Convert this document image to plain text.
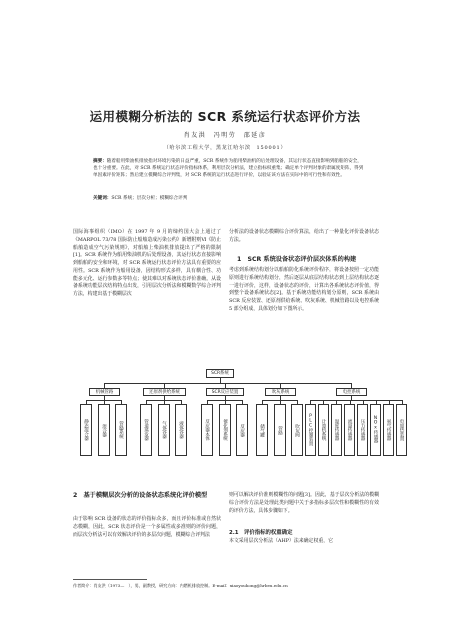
运用模糊分析法的 SCR 系统运行状态评价方法
肖友洪　冯明劳　邵延彦
（哈尔滨工程大学，黑龙江哈尔滨　150001）
摘要：随着船用柴油机排放指对环境污染的日益严重，SCR 系统作为船用柴油机的后处理设备，其运行状态直接影响到船舶的安全，也十分重要。在此，对 SCR 系统运行状态评价指标体系，利用层次分析法，建立指标权重集；确定单个评判对象的隶属度矩阵，得到单因素评价矩阵；然后建立模糊综合评判集，对 SCR 系统的运行状态进行评价，以验证该方法在实际中的可行性和有效性。
关键词：SCR 系统；层次分析；模糊综合评判
国际海事组织（IMO）在 1997 年 9 月的缔约国大会上通过了《MARPOL 73/78 国际防止船舶造成污染公约》新增附则Ⅵ《防止船舶造成空气污染规则》，对船舶上柴油机排放提出了严格的限制[1]。SCR 系统作为船用柴油机的后处理设备，其运行状态直接影响到船舶的安全和环境，对 SCR 系统运行状态评价方法具有重要的应用性。SCR 系统作为船用设备，因结构形式多样，具有耦合性、功能多元化、运行参数多等特点；使其难以对系统状态评价准确。从设备系统功能层次结构特点出发，引用层次分析法和模糊数学综合评判方法，构建出基于模糊层次
分析法的设备状态模糊综合评价算法，给出了一种量化评价设备状态方法。
1　SCR 系统设备状态评价层次体系的构建
考虑到系统结构划分以船舶防化系统评价程序，将设备按照一定功能原则进行系统结构划分，然后逐层从底层结构状态到上层结构状态逐一进行评价，这样，设备状态的评价，计算出各系统状态评价值，得到整个设备系统状态[2]。基于系统功能结构划分原则，SCR 系统由 SCR 反应装置、还原剂供给系统、吹灰系统、机械管路以及电控系统 5 部分组成，具体划分如下图所示。
SCR系统
机械管路	还原剂供给系统	SCR反应装置	吹灰系统	电控系统
静态混合器	混合器	管路系统	管道蒸发器	气体容器	液体容器	反应器本体	催化剂系统	反应器	储气罐	管路	吹灰阀	PLC控制装置	计算机系统	温度传感器	流量传感器	压力传感器	NOx传感器	氨气传感器	电加热装置
2　基于模糊层次分析的设备状态系统化评价模型
由于影响 SCR 设备的状态的评价指标众多，而且评价标准或自然状态模糊，因此，SCR 状态评价是一个多属性或多准则的评价问题，而层次分析法可以有效解决评价的多层次问题，模糊综合评判法
则可以解决评价准则模糊性的问题[3]。因此，基于层次分析法的模糊综合评价方法是处理此类问题中关于多指标多层次性和模糊性的有效的评价方法，具体步骤如下。
2.1　评价指标的权重确定
本文采用层次分析法（AHP）法来确定权重，它
作者简介：肖友洪（1973—　），男，副教授，研究方向：内燃机排放控制。E-mail：xiaoyouhong@hrbeu.edu.cn
